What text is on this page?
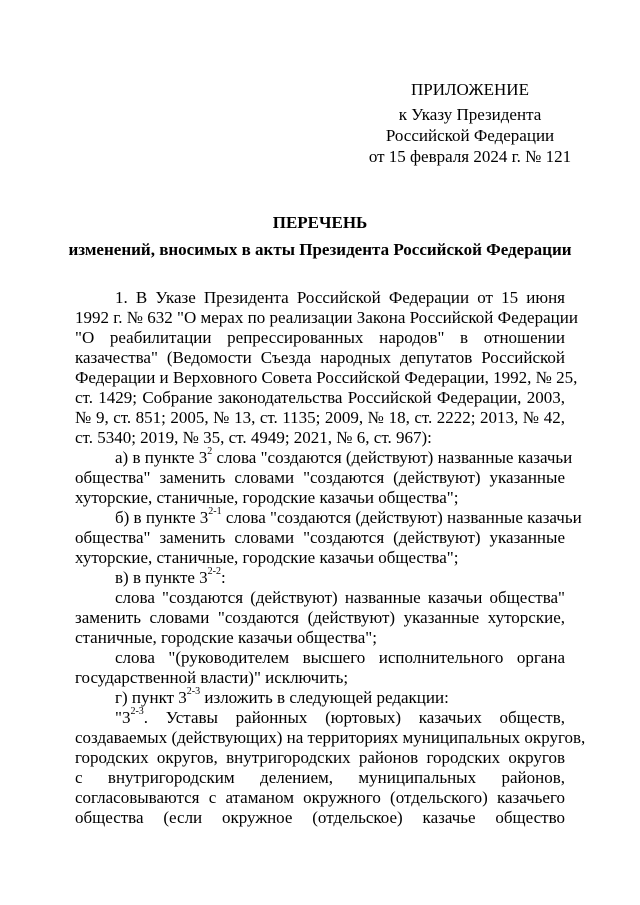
ПРИЛОЖЕНИЕ
к Указу Президента
Российской Федерации
от 15 февраля 2024 г. № 121
ПЕРЕЧЕНЬ
изменений, вносимых в акты Президента Российской Федерации
1. В Указе Президента Российской Федерации от 15 июня
1992 г. № 632 "О мерах по реализации Закона Российской Федерации
"О реабилитации репрессированных народов" в отношении
казачества" (Ведомости Съезда народных депутатов Российской
Федерации и Верховного Совета Российской Федерации, 1992, № 25,
ст. 1429; Собрание законодательства Российской Федерации, 2003,
№ 9, ст. 851; 2005, № 13, ст. 1135; 2009, № 18, ст. 2222; 2013, № 42,
ст. 5340; 2019, № 35, ст. 4949; 2021, № 6, ст. 967):
а) в пункте $3^2$ слова "создаются (действуют) названные казачьи
общества" заменить словами "создаются (действуют) указанные
хуторские, станичные, городские казачьи общества";
б) в пункте 3$^{2-1}$ слова "создаются (действуют) названные казачьи
общества" заменить словами "создаются (действуют) указанные
хуторские, станичные, городские казачьи общества";
в) в пункте 3$^{2-2}$:
слова "создаются (действуют) названные казачьи общества"
заменить словами "создаются (действуют) указанные хуторские,
станичные, городские казачьи общества";
слова "(руководителем высшего исполнительного органа
государственной власти)" исключить;
г) пункт 3$^{2-3}$ изложить в следующей редакции:
"3$^{2-3}$. Уставы районных (юртовых) казачьих обществ,
создаваемых (действующих) на территориях муниципальных округов,
городских округов, внутригородских районов городских округов
с внутригородским делением, муниципальных районов,
согласовываются с атаманом окружного (отдельского) казачьего
общества (если окружное (отдельское) казачье общество
